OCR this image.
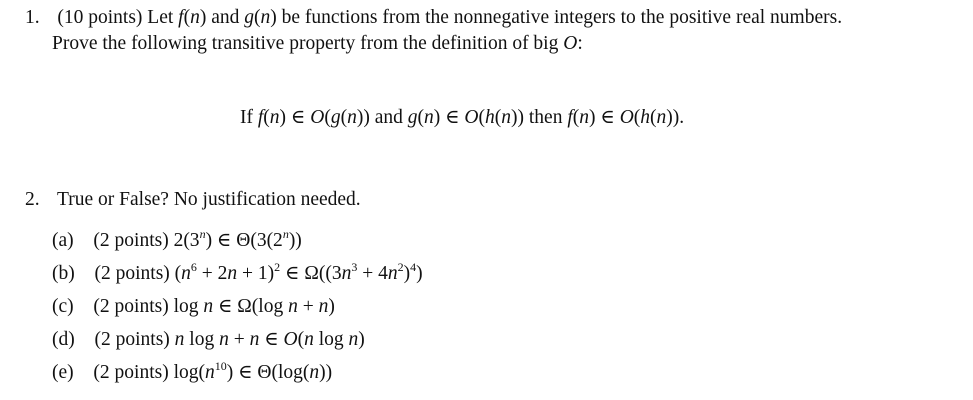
1. (10 points) Let f(n) and g(n) be functions from the nonnegative integers to the positive real numbers.
Prove the following transitive property from the definition of big O:
If f(n) ∈ O(g(n)) and g(n) ∈ O(h(n)) then f(n) ∈ O(h(n)).
2. True or False? No justification needed.
(a) (2 points) 2(3$^n$) ∈ Θ(3(2$^n$))
(b) (2 points) $(n^6 + 2n + 1)^2$ ∈ $\Omega((3n^3 + 4n^2)^4)$
(c) (2 points) log n ∈ Ω(log n + n)
(d) (2 points) n log n + n ∈ O(n log n)
(e) (2 points) $\log(n^{10})$ ∈ Θ(log(n))
